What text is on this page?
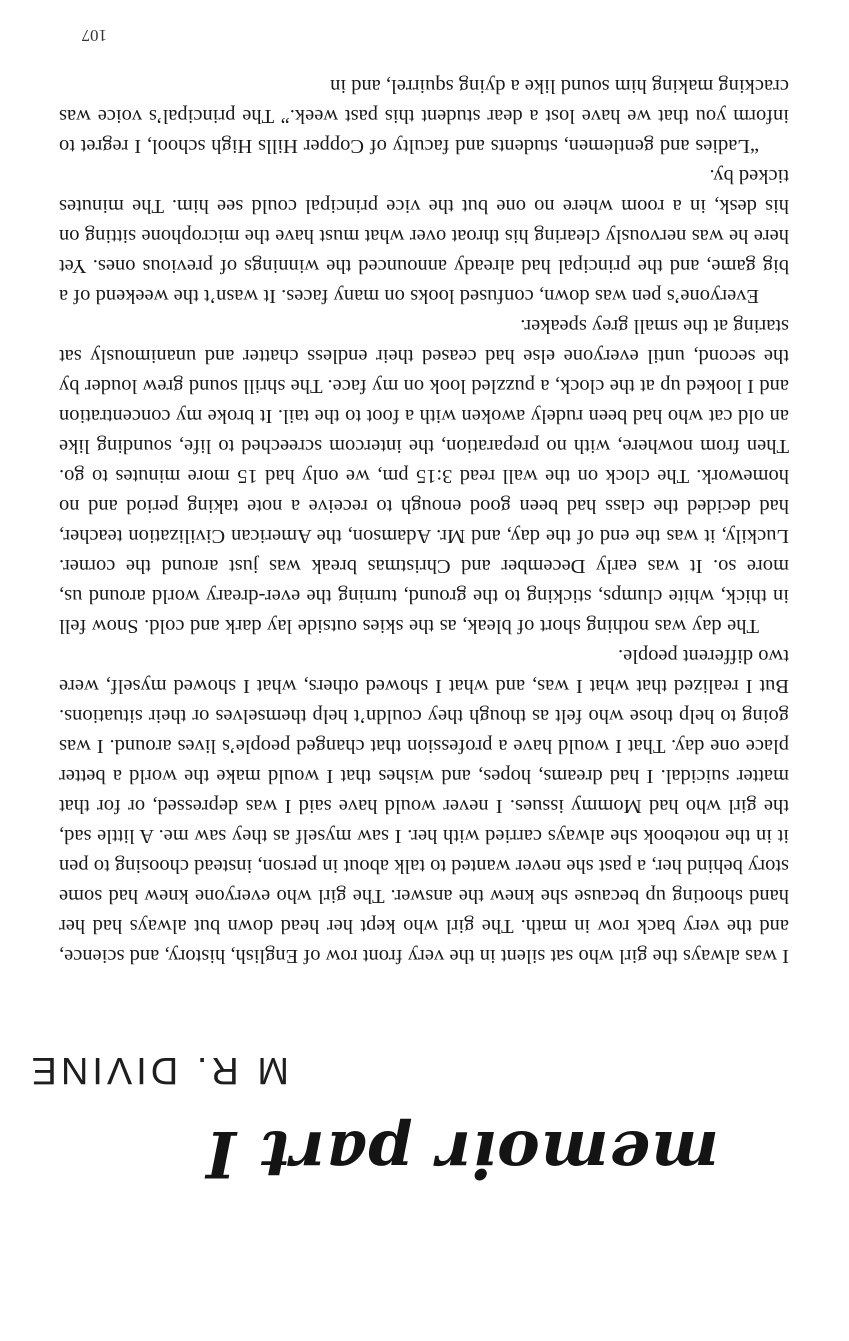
memoir part I
M R. DIVINE

I was always the girl who sat silent in the very front row of English, history, and science, and the very back row in math. The girl who kept her head down but always had her hand shooting up because she knew the answer. The girl who everyone knew had some story behind her, a past she never wanted to talk about in person, instead choosing to pen it in the notebook she always carried with her. I saw myself as they saw me. A little sad, the girl who had Mommy issues. I never would have said I was depressed, or for that matter suicidal. I had dreams, hopes, and wishes that I would make the world a better place one day. That I would have a profession that changed people’s lives around. I was going to help those who felt as though they couldn’t help themselves or their situations. But I realized that what I was, and what I showed others, what I showed myself, were two different people.

The day was nothing short of bleak, as the skies outside lay dark and cold. Snow fell in thick, white clumps, sticking to the ground, turning the ever-dreary world around us, more so. It was early December and Christmas break was just around the corner. Luckily, it was the end of the day, and Mr. Adamson, the American Civilization teacher, had decided the class had been good enough to receive a note taking period and no homework. The clock on the wall read 3:15 pm, we only had 15 more minutes to go. Then from nowhere, with no preparation, the intercom screeched to life, sounding like an old cat who had been rudely awoken with a foot to the tail. It broke my concentration and I looked up at the clock, a puzzled look on my face. The shrill sound grew louder by the second, until everyone else had ceased their endless chatter and unanimously sat staring at the small grey speaker.

Everyone’s pen was down, confused looks on many faces. It wasn’t the weekend of a big game, and the principal had already announced the winnings of previous ones. Yet here he was nervously clearing his throat over what must have the microphone sitting on his desk, in a room where no one but the vice principal could see him. The minutes ticked by.

“Ladies and gentlemen, students and faculty of Copper Hills High school, I regret to inform you that we have lost a dear student this past week.” The principal’s voice was cracking making him sound like a dying squirrel, and in

107
